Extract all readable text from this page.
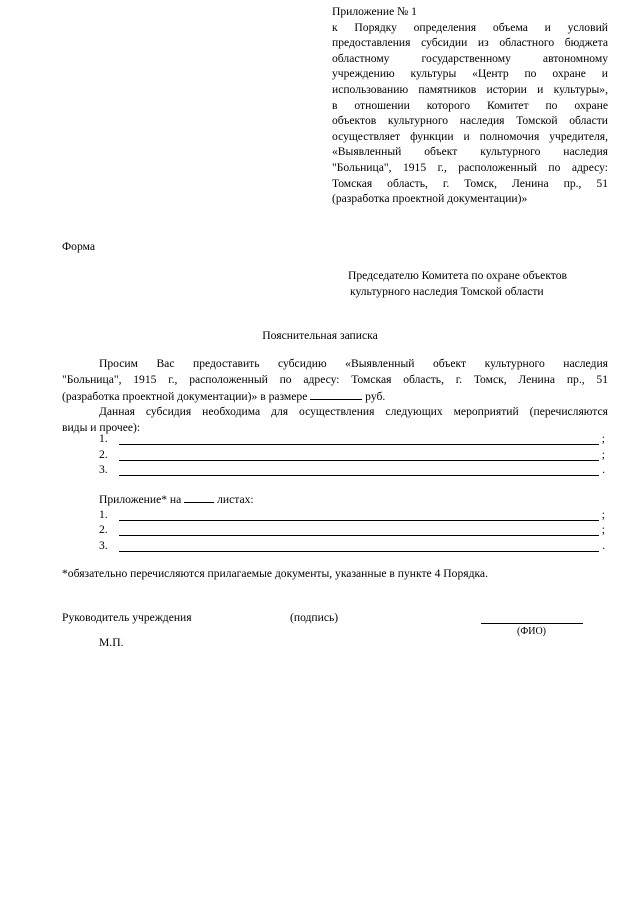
Приложение № 1
к Порядку определения объема и условий
предоставления субсидии из областного бюджета
областному государственному автономному
учреждению культуры «Центр по охране и
использованию памятников истории и культуры»,
в отношении которого Комитет по охране
объектов культурного наследия Томской области
осуществляет функции и полномочия учредителя,
«Выявленный объект культурного наследия
"Больница", 1915 г., расположенный по адресу:
Томская область, г. Томск, Ленина пр., 51
(разработка проектной документации)»
Форма
Председателю Комитета по охране объектов
культурного наследия Томской области
Пояснительная записка
Просим Вас предоставить субсидию «Выявленный объект культурного наследия
"Больница", 1915 г., расположенный по адресу: Томская область, г. Томск, Ленина пр., 51
(разработка проектной документации)» в размере	руб.
Данная субсидия необходима для осуществления следующих мероприятий (перечисляются
виды и прочее):
1.	;
2.	;
3.	.
Приложение* на	листах:
1.	;
2.	;
3.	.
*обязательно перечисляются прилагаемые документы, указанные в пункте 4 Порядка.
Руководитель учреждения	(подпись)
(ФИО)
М.П.
